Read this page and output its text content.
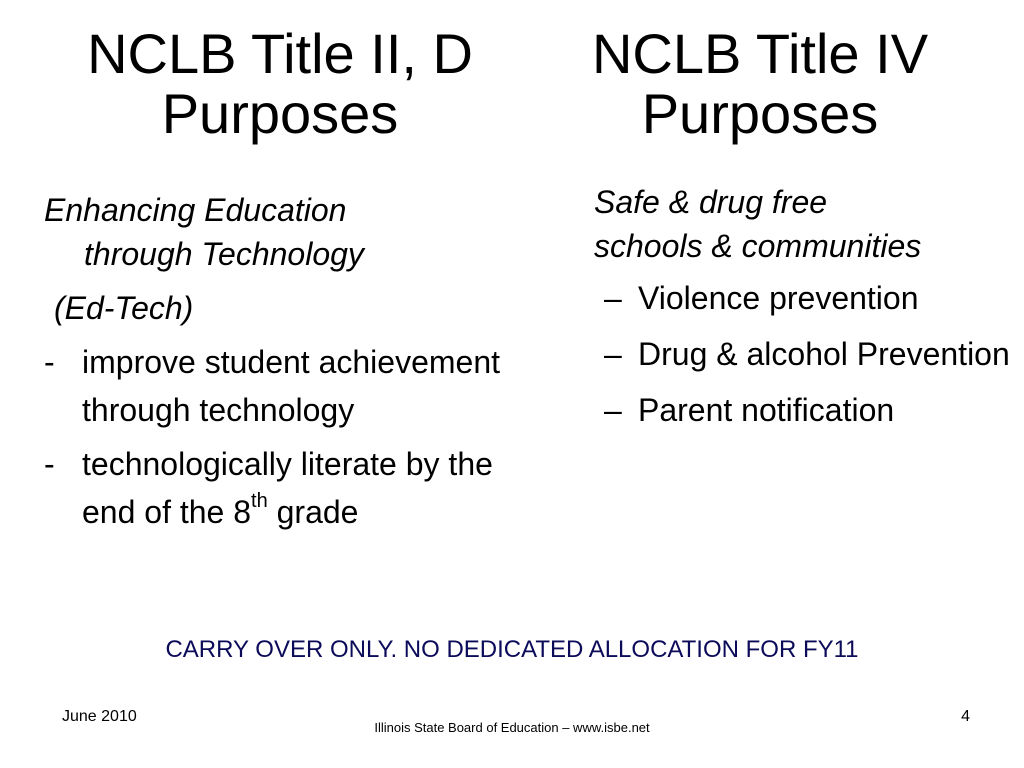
NCLB Title II, D
Purposes
NCLB Title IV
Purposes

Enhancing Education
through Technology

(Ed-Tech)

- improve student achievement through technology
- technologically literate by the end of the 8th grade

Safe & drug free
schools & communities

– Violence prevention
– Drug & alcohol Prevention
– Parent notification
CARRY OVER ONLY. NO DEDICATED ALLOCATION FOR FY11
June 2010
Illinois State Board of Education – www.isbe.net
4
